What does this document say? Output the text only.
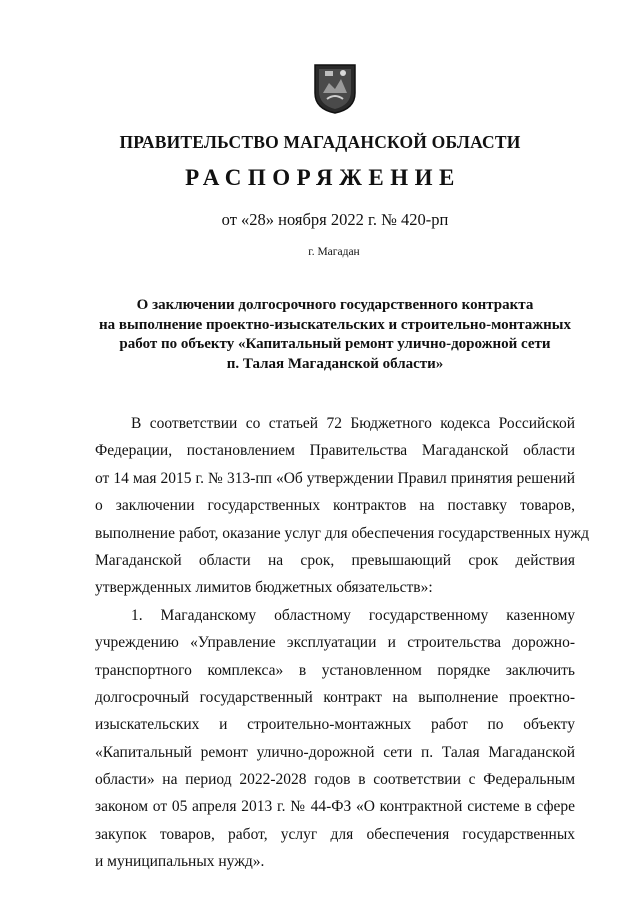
ПРАВИТЕЛЬСТВО МАГАДАНСКОЙ ОБЛАСТИ
РАСПОРЯЖЕНИЕ
от «28» ноября 2022 г. № 420-рп
г. Магадан
О заключении долгосрочного государственного контракта
на выполнение проектно-изыскательских и строительно-монтажных
работ по объекту «Капитальный ремонт улично-дорожной сети
п. Талая Магаданской области»
В соответствии со статьей 72 Бюджетного кодекса Российской
Федерации, постановлением Правительства Магаданской области
от 14 мая 2015 г. № 313-пп «Об утверждении Правил принятия решений
о заключении государственных контрактов на поставку товаров,
выполнение работ, оказание услуг для обеспечения государственных нужд
Магаданской области на срок, превышающий срок действия
утвержденных лимитов бюджетных обязательств»:
1. Магаданскому областному государственному казенному
учреждению «Управление эксплуатации и строительства дорожно-
транспортного комплекса» в установленном порядке заключить
долгосрочный государственный контракт на выполнение проектно-
изыскательских и строительно-монтажных работ по объекту
«Капитальный ремонт улично-дорожной сети п. Талая Магаданской
области» на период 2022-2028 годов в соответствии с Федеральным
законом от 05 апреля 2013 г. № 44-ФЗ «О контрактной системе в сфере
закупок товаров, работ, услуг для обеспечения государственных
и муниципальных нужд».
